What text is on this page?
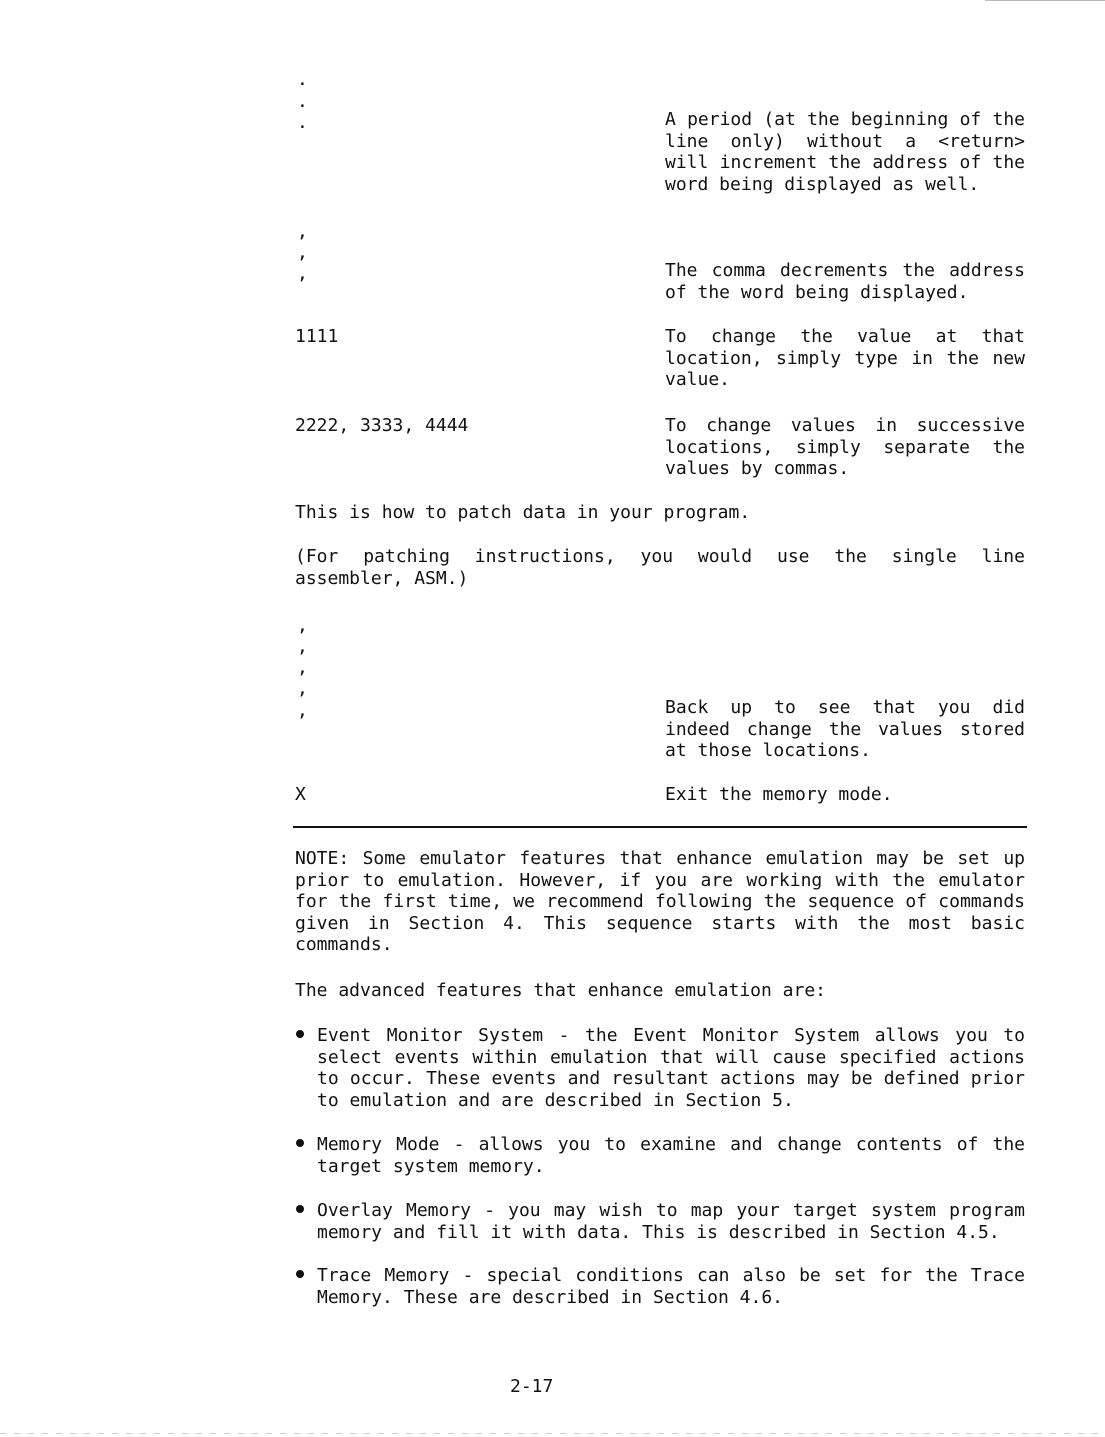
.
.
.	A period (at the beginning of the line only) without a <return> will increment the address of the word being displayed as well.
,
,
,	The comma decrements the address of the word being displayed.
1111	To change the value at that location, simply type in the new value.
2222, 3333, 4444	To change values in successive locations, simply separate the values by commas.
This is how to patch data in your program.
(For patching instructions, you would use the single line assembler, ASM.)
,
,
,
,
,	Back up to see that you did indeed change the values stored at those locations.
X	Exit the memory mode.
NOTE: Some emulator features that enhance emulation may be set up prior to emulation. However, if you are working with the emulator for the first time, we recommend following the sequence of commands given in Section 4. This sequence starts with the most basic commands.
The advanced features that enhance emulation are:
Event Monitor System - the Event Monitor System allows you to select events within emulation that will cause specified actions to occur. These events and resultant actions may be defined prior to emulation and are described in Section 5.
Memory Mode - allows you to examine and change contents of the target system memory.
Overlay Memory - you may wish to map your target system program memory and fill it with data. This is described in Section 4.5.
Trace Memory - special conditions can also be set for the Trace Memory. These are described in Section 4.6.
2-17
